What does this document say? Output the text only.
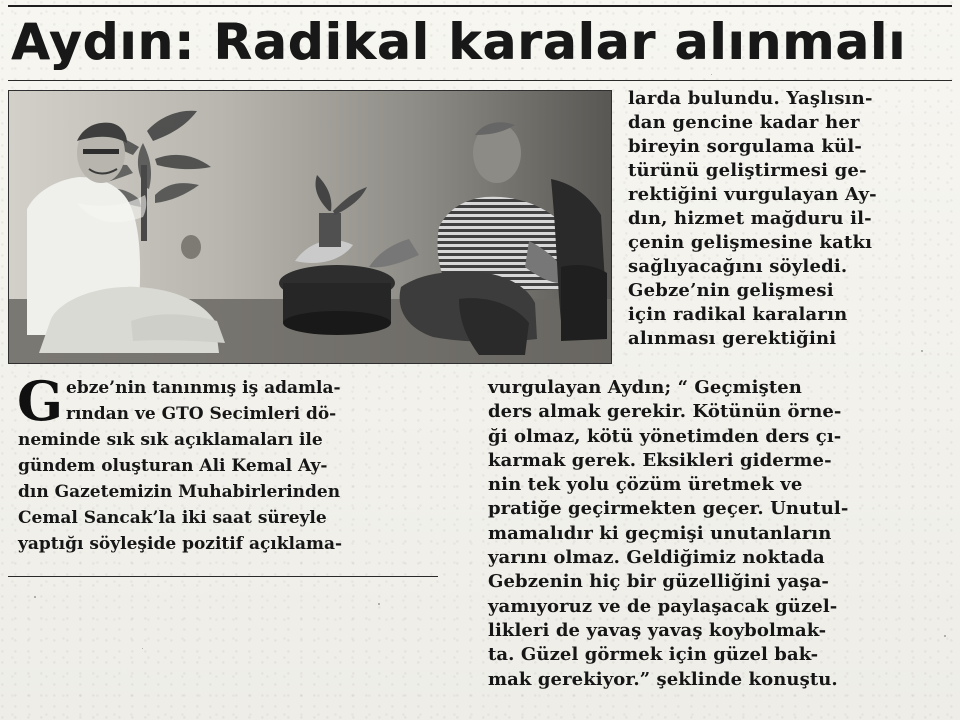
Aydın: Radikal karalar alınmalı
G ebze’nin tanınmış iş adamla-
rından ve GTO Secimleri dö-
neminde sık sık açıklamaları ile
gündem oluşturan Ali Kemal Ay-
dın Gazetemizin Muhabirlerinden
Cemal Sancak’la iki saat süreyle
yaptığı söyleşide pozitif açıklama-
larda bulundu. Yaşlısın-
dan gencine kadar her
bireyin sorgulama kül-
türünü geliştirmesi ge-
rektiğini vurgulayan Ay-
dın, hizmet mağduru il-
çenin gelişmesine katkı
sağlıyacağını söyledi.
Gebze’nin gelişmesi
için radikal karaların
alınması gerektiğini
vurgulayan Aydın; “ Geçmişten
ders almak gerekir. Kötünün örne-
ği olmaz, kötü yönetimden ders çı-
karmak gerek. Eksikleri giderme-
nin tek yolu çözüm üretmek ve
pratiğe geçirmekten geçer. Unutul-
mamalıdır ki geçmişi unutanların
yarını olmaz. Geldiğimiz noktada
Gebzenin hiç bir güzelliğini yaşa-
yamıyoruz ve de paylaşacak güzel-
likleri de yavaş yavaş koybolmak-
ta. Güzel görmek için güzel bak-
mak gerekiyor.” şeklinde konuştu.
